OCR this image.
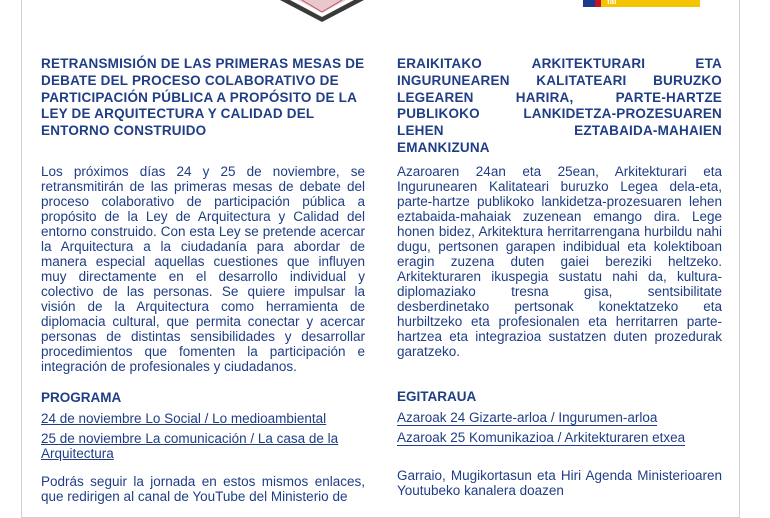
fal

RETRANSMISIÓN DE LAS PRIMERAS MESAS DE DEBATE DEL PROCESO COLABORATIVO DE PARTICIPACIÓN PÚBLICA A PROPÓSITO DE LA LEY DE ARQUITECTURA Y CALIDAD DEL ENTORNO CONSTRUIDO

Los próximos días 24 y 25 de noviembre, se retransmitirán de las primeras mesas de debate del proceso colaborativo de participación pública a propósito de la Ley de Arquitectura y Calidad del entorno construido. Con esta Ley se pretende acercar la Arquitectura a la ciudadanía para abordar de manera especial aquellas cuestiones que influyen muy directamente en el desarrollo individual y colectivo de las personas. Se quiere impulsar la visión de la Arquitectura como herramienta de diplomacia cultural, que permita conectar y acercar personas de distintas sensibilidades y desarrollar procedimientos que fomenten la participación e integración de profesionales y ciudadanos.

PROGRAMA

24 de noviembre Lo Social / Lo medioambiental
25 de noviembre La comunicación / La casa de la Arquitectura

Podrás seguir la jornada en estos mismos enlaces, que redirigen al canal de YouTube del Ministerio de

ERAIKITAKO ARKITEKTURARI ETA INGURUNEAREN KALITATEARI BURUZKO LEGEAREN HARIRA, PARTE-HARTZE PUBLIKOKO LANKIDETZA-PROZESUAREN LEHEN EZTABAIDA-MAHAIEN

EMANKIZUNA

Azaroaren 24an eta 25ean, Arkitekturari eta Ingurunearen Kalitateari buruzko Legea dela-eta, parte-hartze publikoko lankidetza-prozesuaren lehen eztabaida-mahaiak zuzenean emango dira. Lege honen bidez, Arkitektura herritarrengana hurbildu nahi dugu, pertsonen garapen indibidual eta kolektiboan eragin zuzena duten gaiei bereziki heltzeko. Arkitekturaren ikuspegia sustatu nahi da, kultura-diplomaziako tresna gisa, sentsibilitate desberdinetako pertsonak konektatzeko eta hurbiltzeko eta profesionalen eta herritarren parte-hartzea eta integrazioa sustatzen duten prozedurak garatzeko.

EGITARAUA

Azaroak 24 Gizarte-arloa / Ingurumen-arloa Azaroak 25 Komunikazioa / Arkitekturaren etxea

Garraio, Mugikortasun eta Hiri Agenda Ministerioaren Youtubeko kanalera doazen
